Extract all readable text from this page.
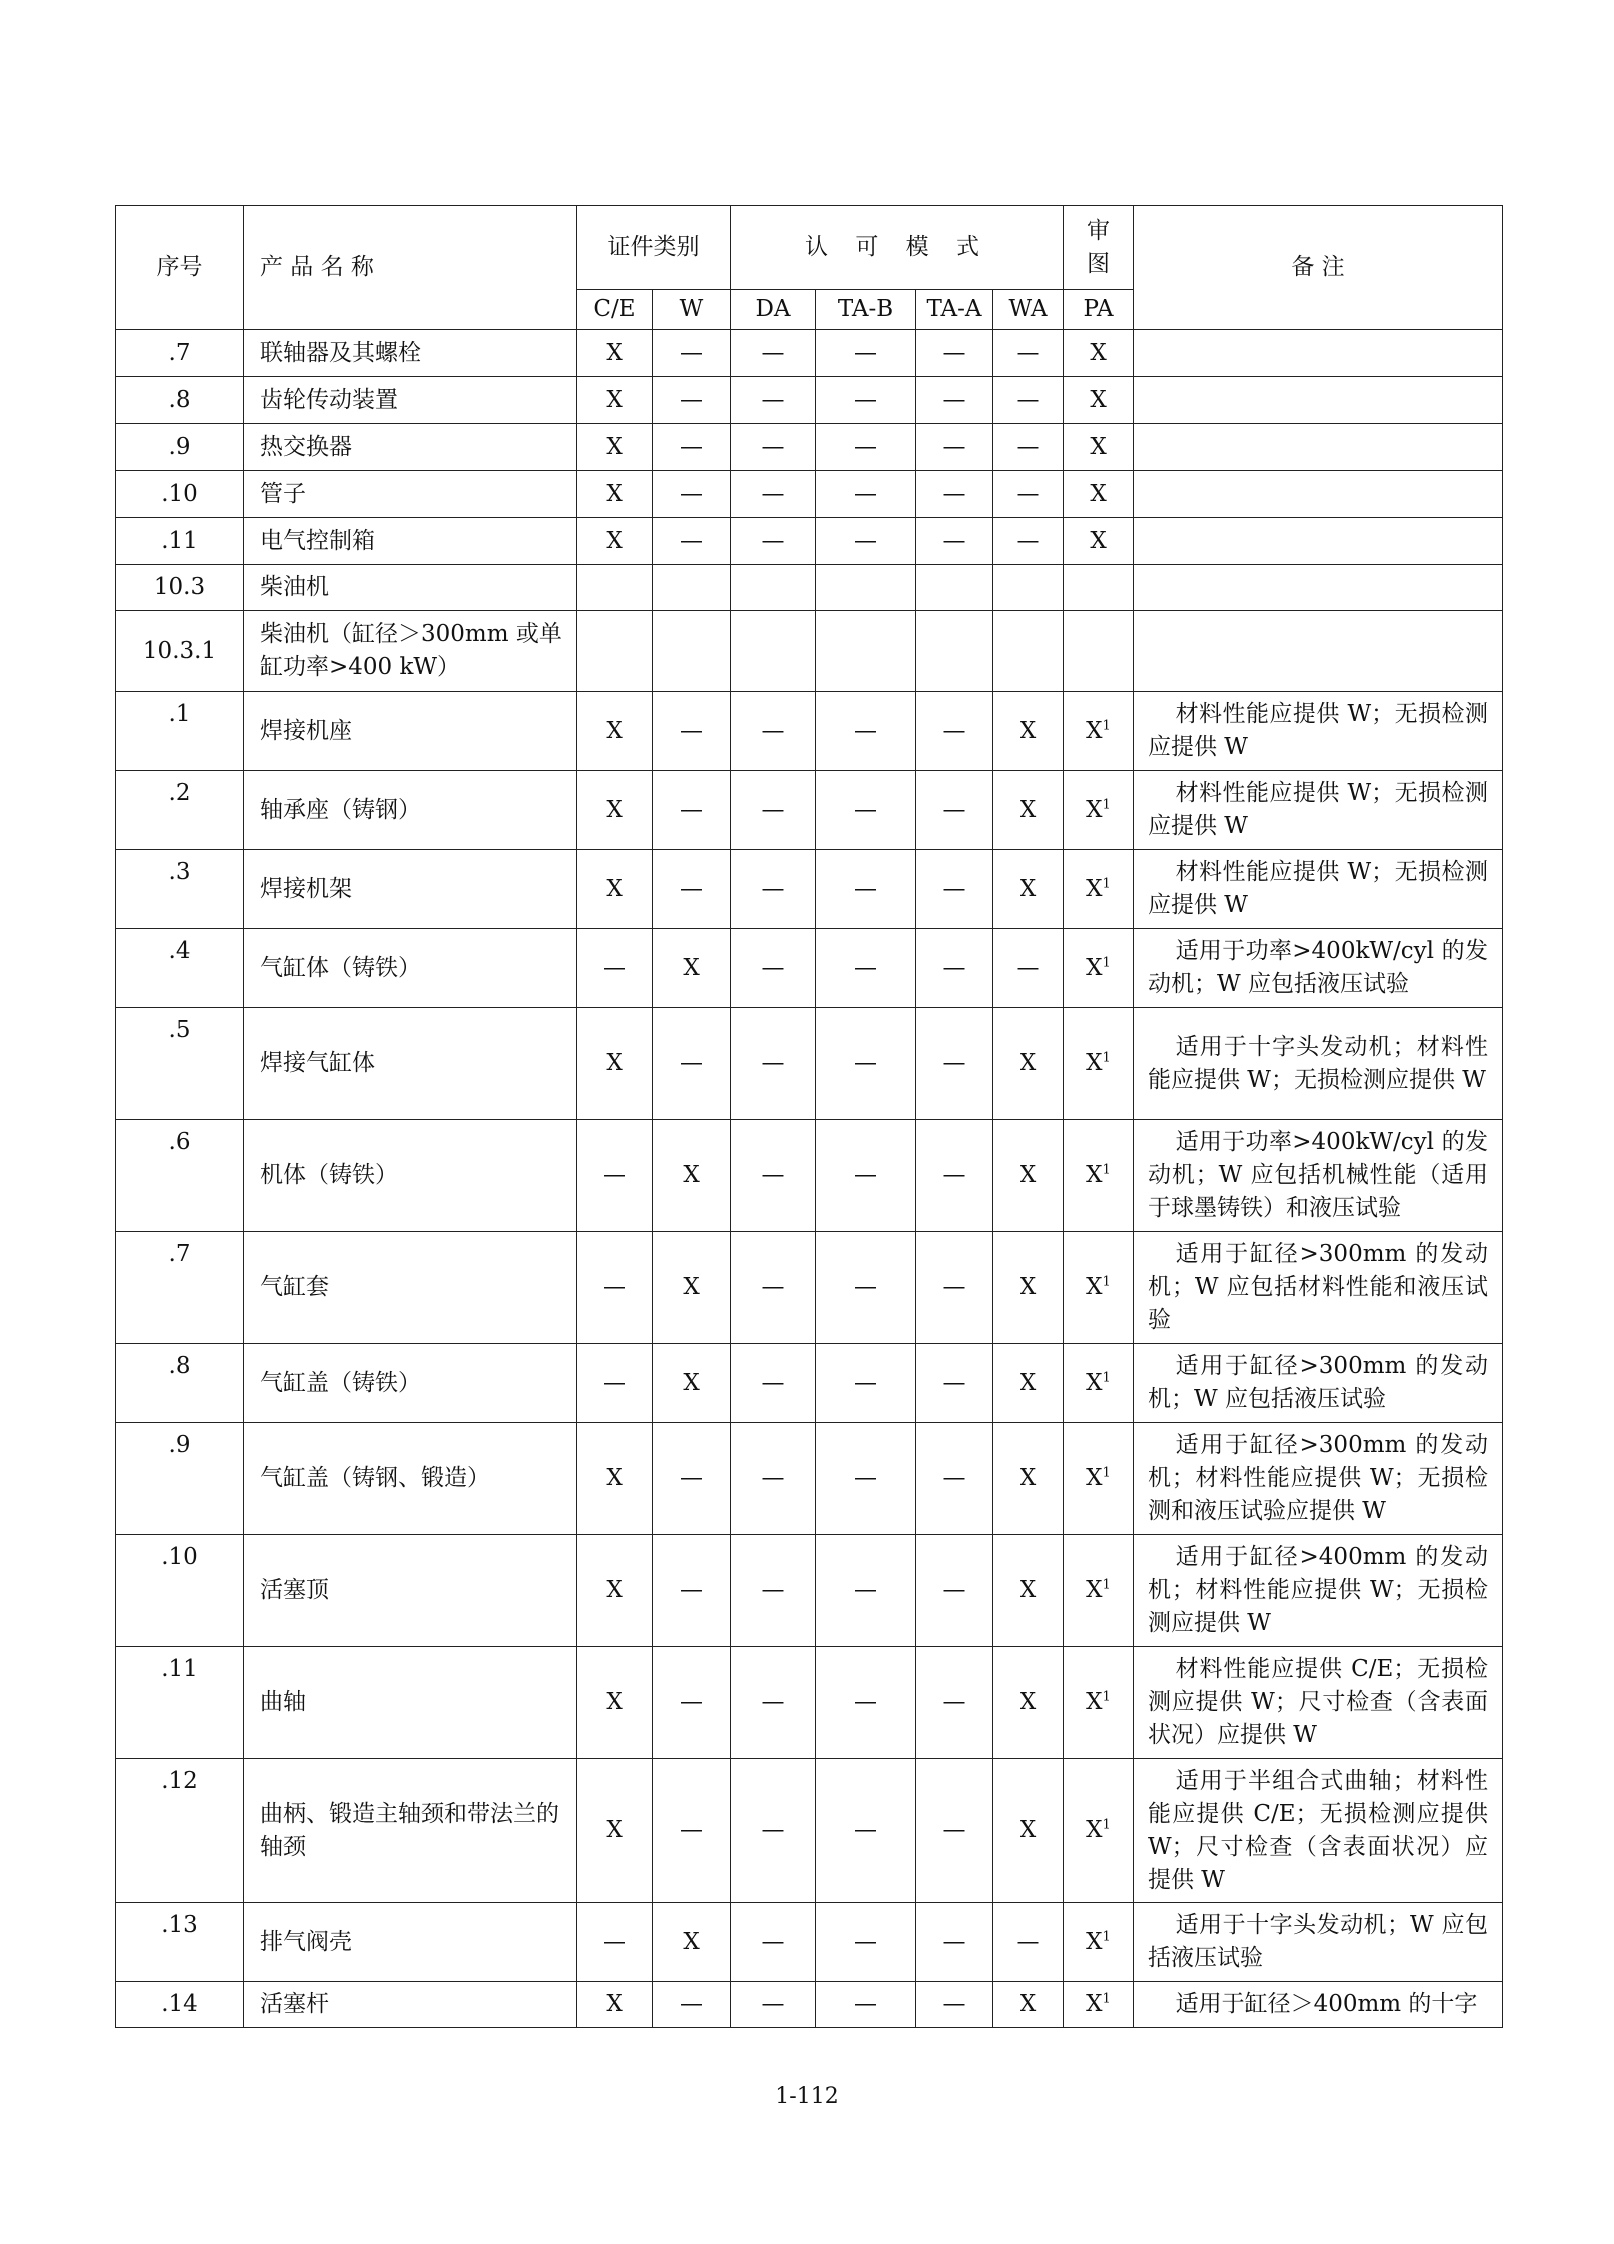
序号	产 品 名 称	证件类别		认 可 模 式				审图	备 注
		C/E	W	DA	TA-B	TA-A	WA	PA	
.7	联轴器及其螺栓	X	—	—	—	—	—	X	
.8	齿轮传动装置	X	—	—	—	—	—	X	
.9	热交换器	X	—	—	—	—	—	X	
.10	管子	X	—	—	—	—	—	X	
.11	电气控制箱	X	—	—	—	—	—	X	
10.3	柴油机								
10.3.1	柴油机（缸径＞300mm 或单缸功率>400 kW）								
.1	焊接机座	X	—	—	—	—	X	$X^1$	材料性能应提供 W；无损检测应提供 W

.2	轴承座（铸钢）	X	—	—	—	—	X	$X^1$	材料性能应提供 W；无损检测应提供 W

.3	焊接机架	X	—	—	—	—	X	$X^1$	材料性能应提供 W；无损检测应提供 W

.4	气缸体（铸铁）	—	X	—	—	—	—	$X^1$	适用于功率>400kW/cyl 的发动机；W 应包括液压试验

.5	焊接气缸体	X	—	—	—	—	X	$X^1$	适用于十字头发动机；材料性能应提供 W；无损检测应提供 W

.6	机体（铸铁）	—	X	—	—	—	X	$X^1$	适用于功率>400kW/cyl 的发动机；W 应包括机械性能（适用于球墨铸铁）和液压试验

.7	气缸套	—	X	—	—	—	X	$X^1$	适用于缸径>300mm 的发动机；W 应包括材料性能和液压试验

.8	气缸盖（铸铁）	—	X	—	—	—	X	$X^1$	适用于缸径>300mm 的发动机；W 应包括液压试验

.9	气缸盖（铸钢、锻造）	X	—	—	—	—	X	$X^1$	适用于缸径>300mm 的发动机；材料性能应提供 W；无损检测和液压试验应提供 W

.10	活塞顶	X	—	—	—	—	X	$X^1$	适用于缸径>400mm 的发动机；材料性能应提供 W；无损检测应提供 W

.11	曲轴	X	—	—	—	—	X	$X^1$	材料性能应提供 C/E；无损检测应提供 W；尺寸检查（含表面状况）应提供 W

.12	曲柄、锻造主轴颈和带法兰的轴颈	X	—	—	—	—	X	$X^1$	适用于半组合式曲轴；材料性能应提供 C/E；无损检测应提供 W；尺寸检查（含表面状况）应提供 W

.13	排气阀壳	—	X	—	—	—	—	$X^1$	适用于十字头发动机；W 应包括液压试验

.14	活塞杆	X	—	—	—	—	X	$X^1$	适用于缸径＞400mm 的十字
1-112
